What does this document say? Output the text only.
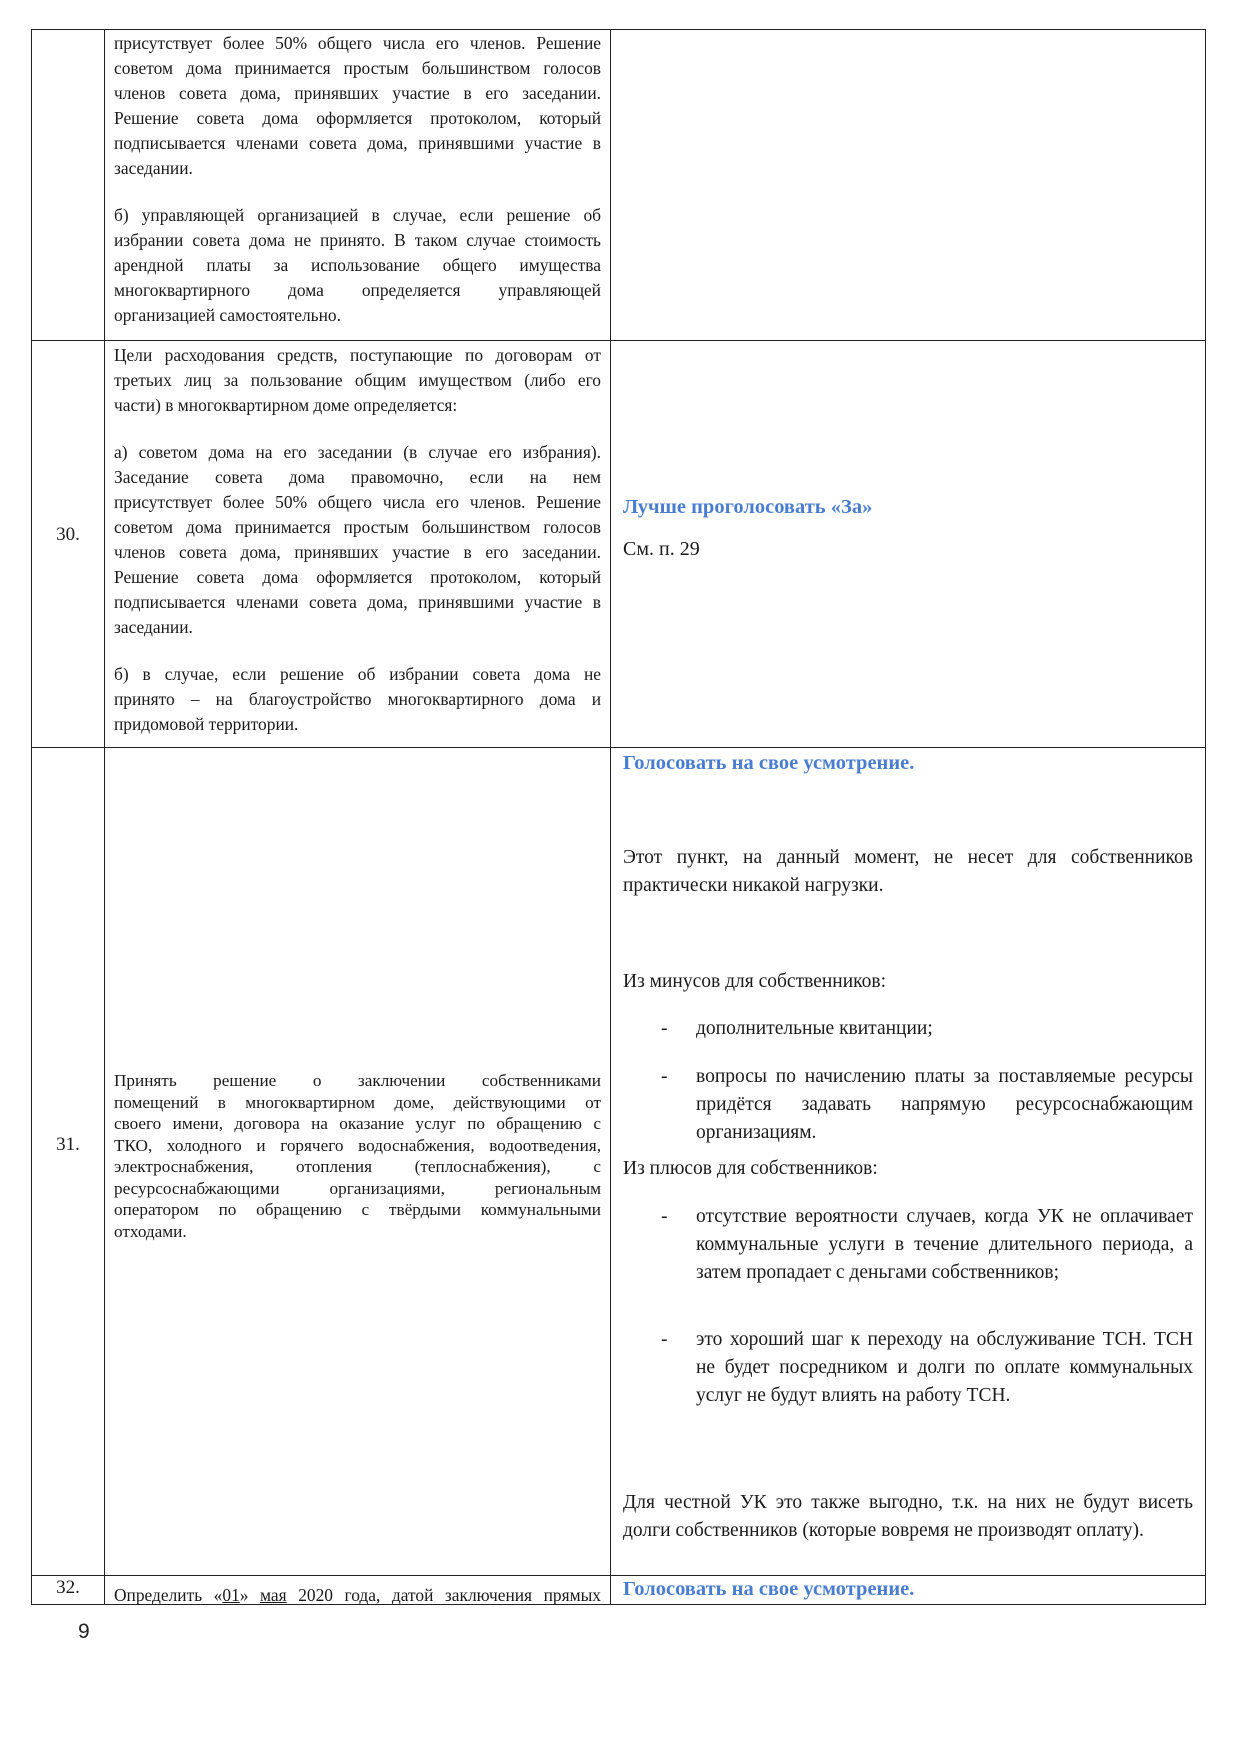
присутствует более 50% общего числа его членов. Решение
советом дома принимается простым большинством голосов
членов совета дома, принявших участие в его заседании.
Решение совета дома оформляется протоколом, который
подписывается членами совета дома, принявшими участие в
заседании.
б) управляющей организацией в случае, если решение об
избрании совета дома не принято. В таком случае стоимость
арендной платы за использование общего имущества
многоквартирного дома определяется управляющей
организацией самостоятельно.
30.
Цели расходования средств, поступающие по договорам от
третьих лиц за пользование общим имуществом (либо его
части) в многоквартирном доме определяется:
а) советом дома на его заседании (в случае его избрания).
Заседание совета дома правомочно, если на нем
присутствует более 50% общего числа его членов. Решение
советом дома принимается простым большинством голосов
членов совета дома, принявших участие в его заседании.
Решение совета дома оформляется протоколом, который
подписывается членами совета дома, принявшими участие в
заседании.
б) в случае, если решение об избрании совета дома не
принято – на благоустройство многоквартирного дома и
придомовой территории.
Лучше проголосовать «За»
См. п. 29
31.
Принять решение о заключении собственниками
помещений в многоквартирном доме, действующими от
своего имени, договора на оказание услуг по обращению с
ТКО, холодного и горячего водоснабжения, водоотведения,
электроснабжения, отопления (теплоснабжения), с
ресурсоснабжающими организациями, региональным
оператором по обращению с твёрдыми коммунальными
отходами.
Голосовать на свое усмотрение.
Этот пункт, на данный момент, не несет для собственников практически никакой нагрузки.
Из минусов для собственников:
- дополнительные квитанции;
- вопросы по начислению платы за поставляемые ресурсы придётся задавать напрямую ресурсоснабжающим организациям.
Из плюсов для собственников:
- отсутствие вероятности случаев, когда УК не оплачивает коммунальные услуги в течение длительного периода, а затем пропадает с деньгами собственников;
- это хороший шаг к переходу на обслуживание ТСН. ТСН не будет посредником и долги по оплате коммунальных услуг не будут влиять на работу ТСН.
Для честной УК это также выгодно, т.к. на них не будут висеть долги собственников (которые вовремя не производят оплату).
32.	Определить «01» мая 2020 года, датой заключения прямых Голосовать на свое усмотрение.
9
